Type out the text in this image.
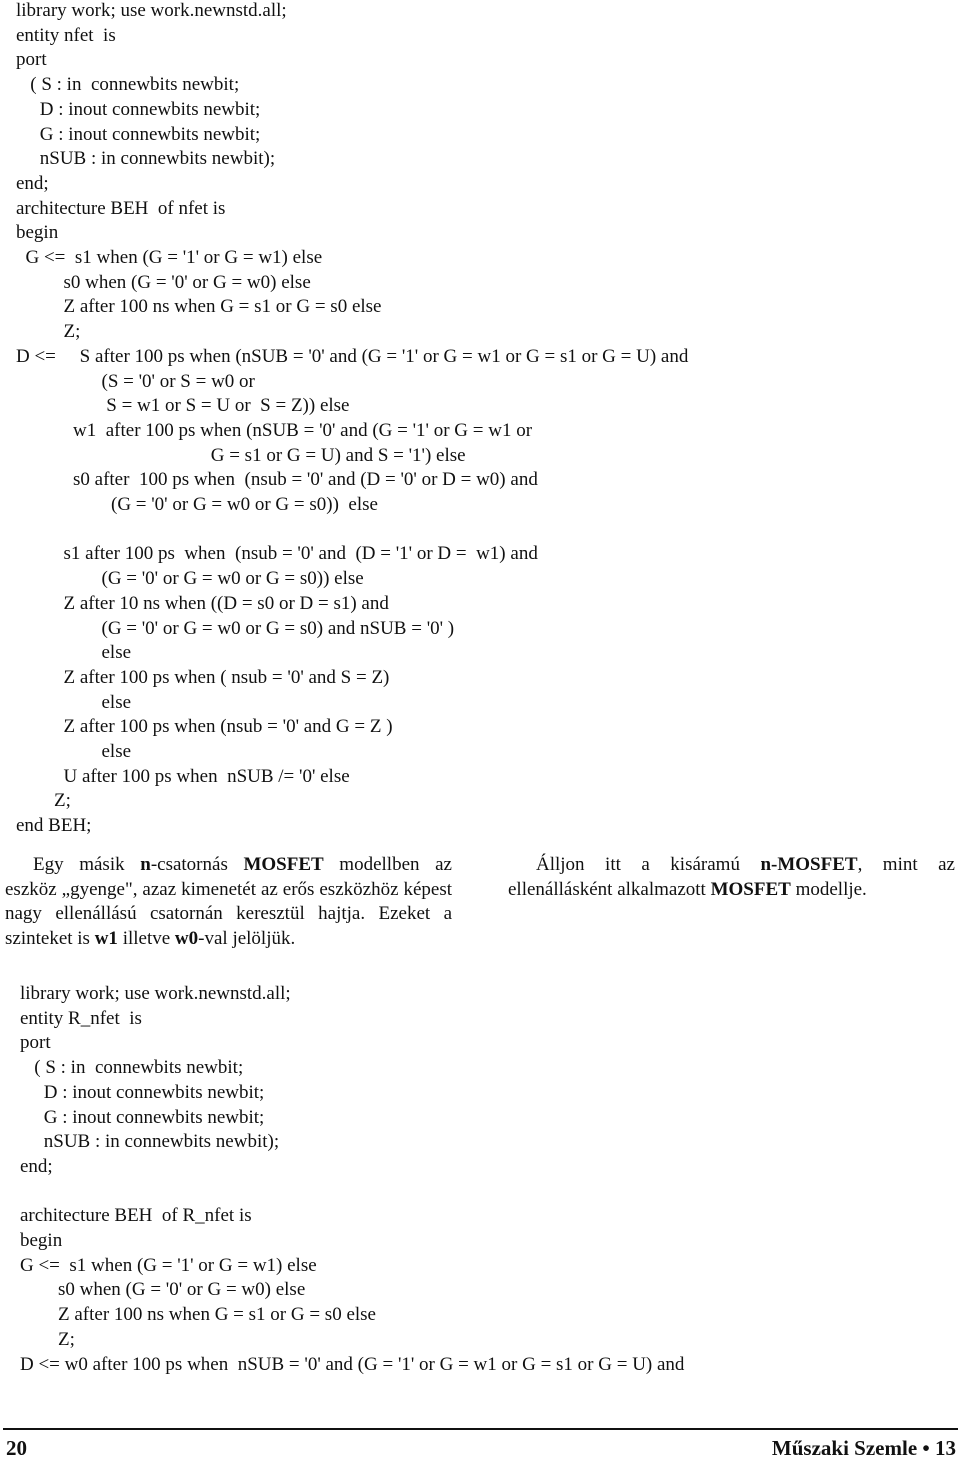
library work; use work.newnstd.all;
entity nfet  is
port
( S : in  connewbits newbit;
D : inout connewbits newbit;
G : inout connewbits newbit;
nSUB : in connewbits newbit);
end;
architecture BEH  of nfet is
begin
G <=  s1 when (G = '1' or G = w1) else
s0 when (G = '0' or G = w0) else
Z after 100 ns when G = s1 or G = s0 else
Z;
D <=     S after 100 ps when (nSUB = '0' and (G = '1' or G = w1 or G = s1 or G = U) and
(S = '0' or S = w0 or
S = w1 or S = U or  S = Z)) else
w1  after 100 ps when (nSUB = '0' and (G = '1' or G = w1 or
G = s1 or G = U) and S = '1') else
s0 after  100 ps when  (nsub = '0' and (D = '0' or D = w0) and
(G = '0' or G = w0 or G = s0))  else
s1 after 100 ps  when  (nsub = '0' and  (D = '1' or D =  w1) and
(G = '0' or G = w0 or G = s0)) else
Z after 10 ns when ((D = s0 or D = s1) and
(G = '0' or G = w0 or G = s0) and nSUB = '0' )
else
Z after 100 ps when ( nsub = '0' and S = Z)
else
Z after 100 ps when (nsub = '0' and G = Z )
else
U after 100 ps when  nSUB /= '0' else
Z;
end BEH;

Egy másik n-csatornás MOSFET modellben az eszköz „gyenge", azaz kimenetét az erős eszközhöz képest nagy ellenállású csatornán keresztül hajtja. Ezeket a szinteket is w1 illetve w0-val jelöljük.

Álljon itt a kisáramú n-MOSFET, mint az ellenállásként alkalmazott MOSFET modellje.

library work; use work.newnstd.all;
entity R_nfet  is
port
( S : in  connewbits newbit;
D : inout connewbits newbit;
G : inout connewbits newbit;
nSUB : in connewbits newbit);
end;
architecture BEH  of R_nfet is
begin
G <=  s1 when (G = '1' or G = w1) else
s0 when (G = '0' or G = w0) else
Z after 100 ns when G = s1 or G = s0 else
Z;
D <= w0 after 100 ps when  nSUB = '0' and (G = '1' or G = w1 or G = s1 or G = U) and
20	Műszaki Szemle • 13
